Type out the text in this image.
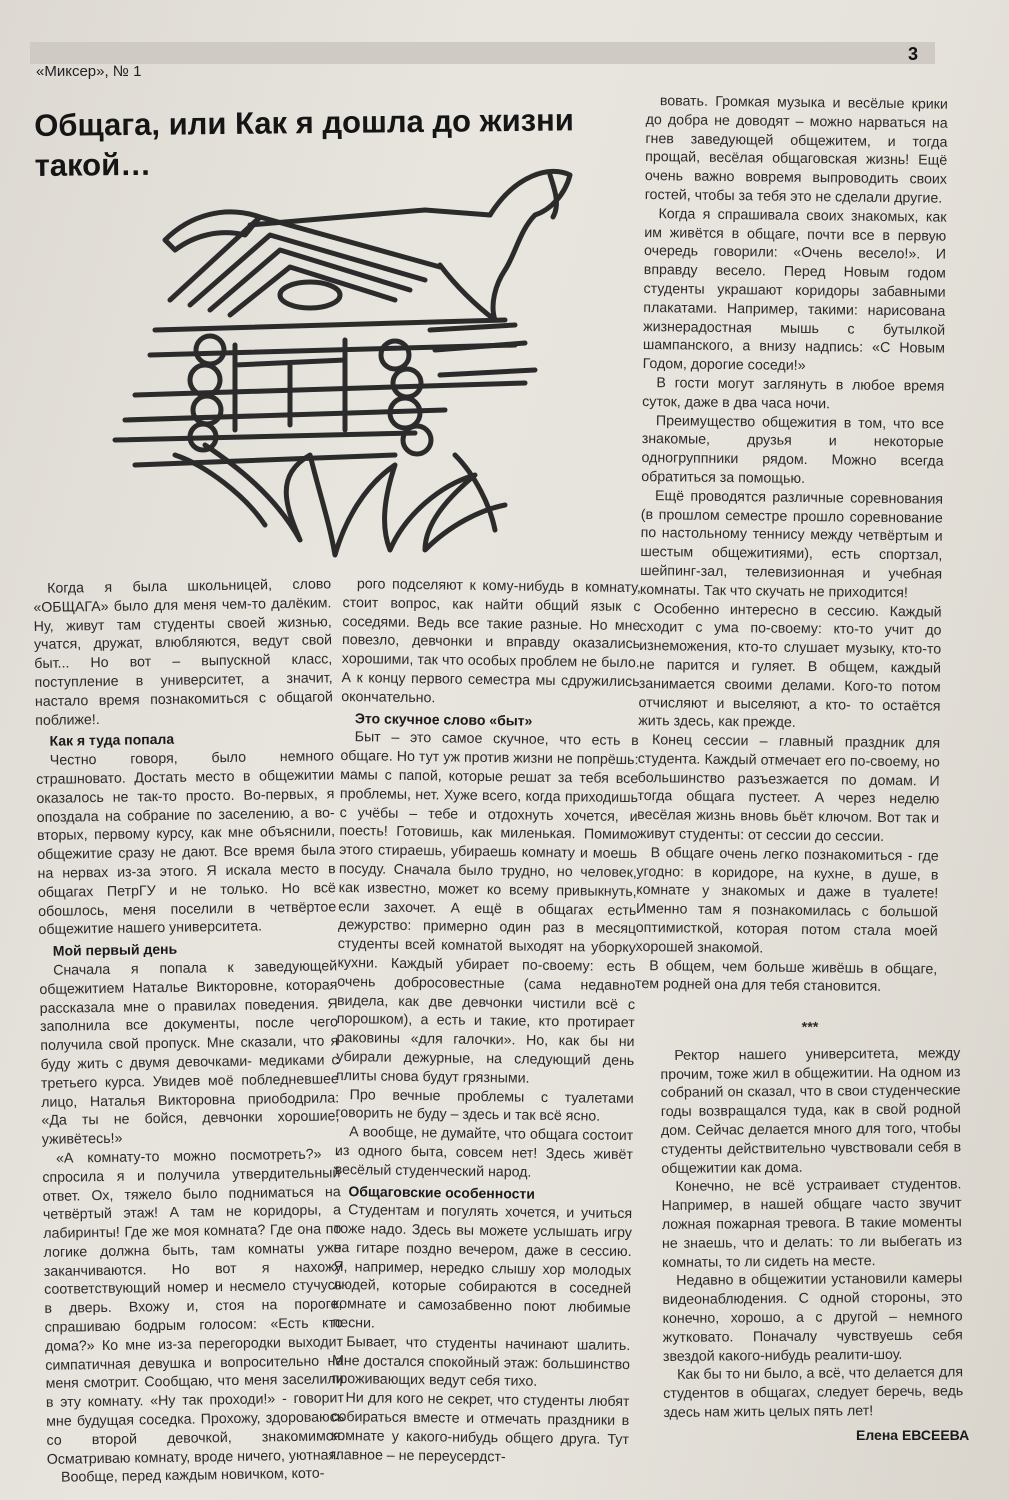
«Миксер», № 1
3
Общага, или Как я дошла до жизни такой…

Когда я была школьницей, слово «ОБЩАГА» было для меня чем-то далёким. Ну, живут там студенты своей жизнью, учатся, дружат, влюбляются, ведут свой быт... Но вот – выпускной класс, поступление в университет, а значит, настало время познакомиться с общагой поближе!.

Как я туда попала

Честно говоря, было немного страшновато. Достать место в общежитии оказалось не так-то просто. Во-первых, я опоздала на собрание по заселению, а во-вторых, первому курсу, как мне объяснили, общежитие сразу не дают. Все время была на нервах из-за этого. Я искала место в общагах ПетрГУ и не только. Но всё обошлось, меня поселили в четвёртое общежитие нашего университета.

Мой первый день

Сначала я попала к заведующей общежитием Наталье Викторовне, которая рассказала мне о правилах поведения. Я заполнила все документы, после чего получила свой пропуск. Мне сказали, что я буду жить с двумя девочками- медиками с третьего курса. Увидев моё побледневшее лицо, Наталья Викторовна приободрила: «Да ты не бойся, девчонки хорошие, уживётесь!»

«А комнату-то можно посмотреть?» - спросила я и получила утвердительный ответ. Ох, тяжело было подниматься на четвёртый этаж! А там не коридоры, а лабиринты! Где же моя комната? Где она по логике должна быть, там комнаты уже заканчиваются. Но вот я нахожу соответствующий номер и несмело стучусь в дверь. Вхожу и, стоя на пороге, спрашиваю бодрым голосом: «Есть кто дома?» Ко мне из-за перегородки выходит симпатичная девушка и вопросительно на меня смотрит. Сообщаю, что меня заселили в эту комнату. «Ну так проходи!» - говорит мне будущая соседка. Прохожу, здороваюсь со второй девочкой, знакомимся. Осматриваю комнату, вроде ничего, уютная.

Вообще, перед каждым новичком, кото-

рого подселяют к кому-нибудь в комнату, стоит вопрос, как найти общий язык с соседями. Ведь все такие разные. Но мне повезло, девчонки и вправду оказались хорошими, так что особых проблем не было. А к концу первого семестра мы сдружились окончательно.

Это скучное слово «быт»

Быт – это самое скучное, что есть в общаге. Но тут уж против жизни не попрёшь: мамы с папой, которые решат за тебя все проблемы, нет. Хуже всего, когда приходишь с учёбы – тебе и отдохнуть хочется, и поесть! Готовишь, как миленькая. Помимо этого стираешь, убираешь комнату и моешь посуду. Сначала было трудно, но человек, как известно, может ко всему привыкнуть, если захочет. А ещё в общагах есть дежурство: примерно один раз в месяц студенты всей комнатой выходят на уборку кухни. Каждый убирает по-своему: есть очень добросовестные (сама недавно видела, как две девчонки чистили всё с порошком), а есть и такие, кто протирает раковины «для галочки». Но, как бы ни убирали дежурные, на следующий день плиты снова будут грязными.

Про вечные проблемы с туалетами говорить не буду – здесь и так всё ясно.

А вообще, не думайте, что общага состоит из одного быта, совсем нет! Здесь живёт весёлый студенческий народ.

Общаговские особенности

Студентам и погулять хочется, и учиться тоже надо. Здесь вы можете услышать игру на гитаре поздно вечером, даже в сессию. Я, например, нередко слышу хор молодых людей, которые собираются в соседней комнате и самозабвенно поют любимые песни.

Бывает, что студенты начинают шалить. Мне достался спокойный этаж: большинство проживающих ведут себя тихо.

Ни для кого не секрет, что студенты любят собираться вместе и отмечать праздники в комнате у какого-нибудь общего друга. Тут главное – не переусердст-

вовать. Громкая музыка и весёлые крики до добра не доводят – можно нарваться на гнев заведующей общежитем, и тогда прощай, весёлая общаговская жизнь! Ещё очень важно вовремя выпроводить своих гостей, чтобы за тебя это не сделали другие.

Когда я спрашивала своих знакомых, как им живётся в общаге, почти все в первую очередь говорили: «Очень весело!». И вправду весело. Перед Новым годом студенты украшают коридоры забавными плакатами. Например, такими: нарисована жизнерадостная мышь с бутылкой шампанского, а внизу надпись: «С Новым Годом, дорогие соседи!»

В гости могут заглянуть в любое время суток, даже в два часа ночи.

Преимущество общежития в том, что все знакомые, друзья и некоторые одногруппники рядом. Можно всегда обратиться за помощью.

Ещё проводятся различные соревнования (в прошлом семестре прошло соревнование по настольному теннису между четвёртым и шестым общежитиями), есть спортзал, шейпинг-зал, телевизионная и учебная комнаты. Так что скучать не приходится!

Особенно интересно в сессию. Каждый сходит с ума по-своему: кто-то учит до изнеможения, кто-то слушает музыку, кто-то не парится и гуляет. В общем, каждый занимается своими делами. Кого-то потом отчисляют и выселяют, а кто- то остаётся жить здесь, как прежде.

Конец сессии – главный праздник для студента. Каждый отмечает его по-своему, но большинство разъезжается по домам. И тогда общага пустеет. А через неделю весёлая жизнь вновь бьёт ключом. Вот так и живут студенты: от сессии до сессии.

В общаге очень легко познакомиться - где угодно: в коридоре, на кухне, в душе, в комнате у знакомых и даже в туалете! Именно там я познакомилась с большой оптимисткой, которая потом стала моей хорошей знакомой.

В общем, чем больше живёшь в общаге, тем родней она для тебя становится.

***

Ректор нашего университета, между прочим, тоже жил в общежитии. На одном из собраний он сказал, что в свои студенческие годы возвращался туда, как в свой родной дом. Сейчас делается много для того, чтобы студенты действительно чувствовали себя в общежитии как дома.

Конечно, не всё устраивает студентов. Например, в нашей общаге часто звучит ложная пожарная тревога. В такие моменты не знаешь, что и делать: то ли выбегать из комнаты, то ли сидеть на месте.

Недавно в общежитии установили камеры видеонаблюдения. С одной стороны, это конечно, хорошо, а с другой – немного жутковато. Поначалу чувствуешь себя звездой какого-нибудь реалити-шоу.

Как бы то ни было, а всё, что делается для студентов в общагах, следует беречь, ведь здесь нам жить целых пять лет!

Елена ЕВСЕЕВА
